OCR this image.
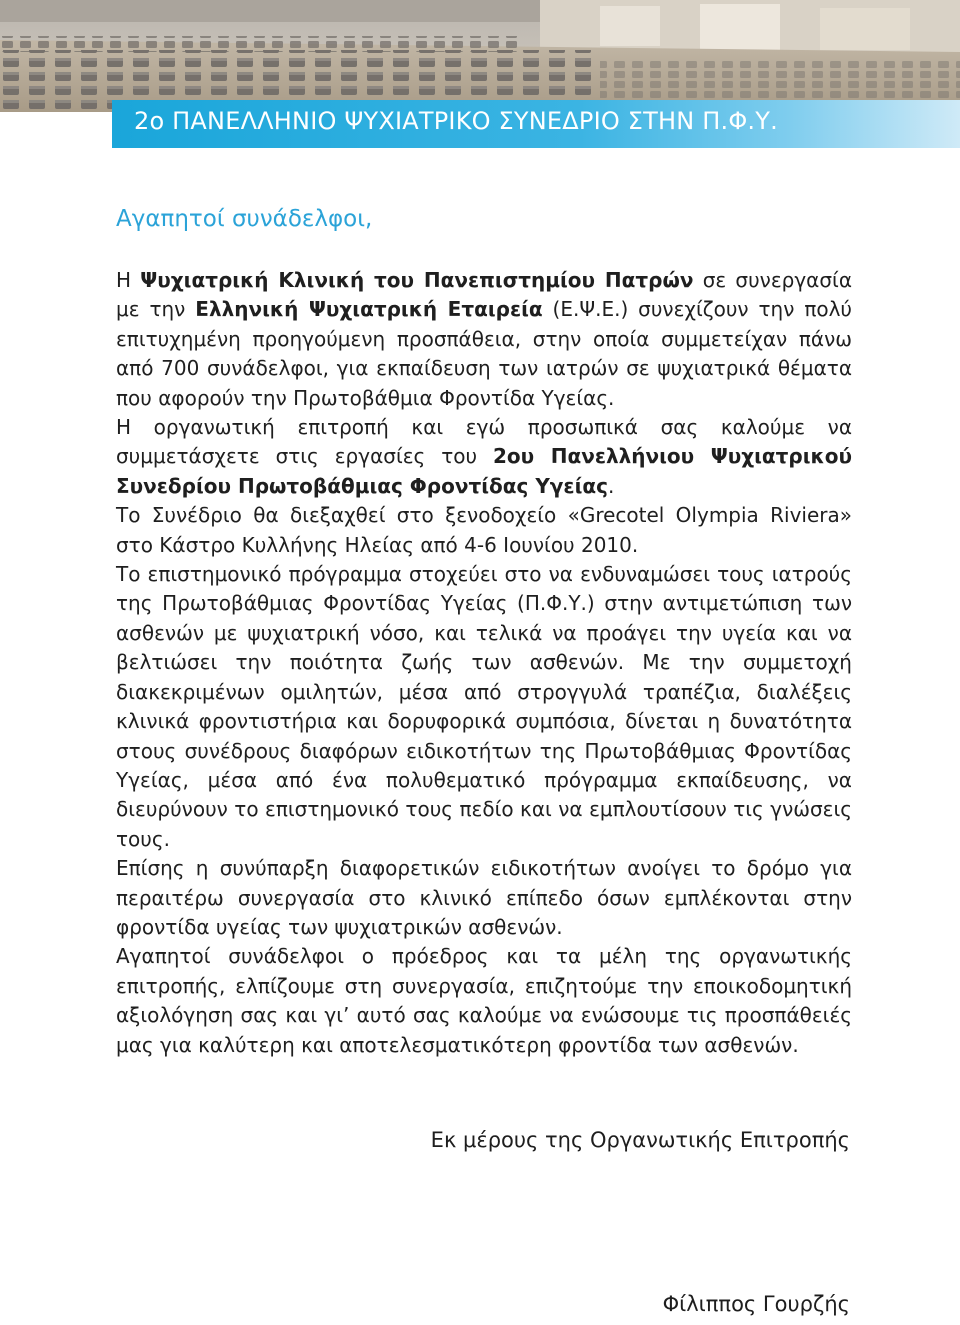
2ο ΠΑΝΕΛΛΗΝΙΟ ΨΥΧΙΑΤΡΙΚΟ ΣΥΝΕΔΡΙΟ ΣΤΗΝ Π.Φ.Υ.
Αγαπητοί συνάδελφοι,

Η Ψυχιατρική Κλινική του Πανεπιστημίου Πατρών σε συνεργασία με την Ελληνική Ψυχιατρική Εταιρεία (Ε.Ψ.Ε.) συνεχίζουν την πολύ επιτυχημένη προηγούμενη προσπάθεια, στην οποία συμμετείχαν πάνω από 700 συνάδελφοι, για εκπαίδευση των ιατρών σε ψυχιατρικά θέματα που αφορούν την Πρωτοβάθμια Φροντίδα Υγείας.

Η οργανωτική επιτροπή και εγώ προσωπικά σας καλούμε να συμμετάσχετε στις εργασίες του 2ου Πανελλήνιου Ψυχιατρικού Συνεδρίου Πρωτοβάθμιας Φροντίδας Υγείας.

Το Συνέδριο θα διεξαχθεί στο ξενοδοχείο «Grecotel Olympia Riviera» στο Κάστρο Κυλλήνης Ηλείας από 4-6 Ιουνίου 2010.

Το επιστημονικό πρόγραμμα στοχεύει στο να ενδυναμώσει τους ιατρούς της Πρωτοβάθμιας Φροντίδας Υγείας (Π.Φ.Υ.) στην αντιμετώπιση των ασθενών με ψυχιατρική νόσο, και τελικά να προάγει την υγεία και να βελτιώσει την ποιότητα ζωής των ασθενών. Με την συμμετοχή διακεκριμένων ομιλητών, μέσα από στρογγυλά τραπέζια, διαλέξεις κλινικά φροντιστήρια και δορυφορικά συμπόσια, δίνεται η δυνατότητα στους συνέδρους διαφόρων ειδικοτήτων της Πρωτοβάθμιας Φροντίδας Υγείας, μέσα από ένα πολυθεματικό πρόγραμμα εκπαίδευσης, να διευρύνουν το επιστημονικό τους πεδίο και να εμπλουτίσουν τις γνώσεις τους.

Επίσης η συνύπαρξη διαφορετικών ειδικοτήτων ανοίγει το δρόμο για περαιτέρω συνεργασία στο κλινικό επίπεδο όσων εμπλέκονται στην φροντίδα υγείας των ψυχιατρικών ασθενών.

Αγαπητοί συνάδελφοι ο πρόεδρος και τα μέλη της οργανωτικής επιτροπής, ελπίζουμε στη συνεργασία, επιζητούμε την εποικοδομητική αξιολόγηση σας και γι’ αυτό σας καλούμε να ενώσουμε τις προσπάθειές μας για καλύτερη και αποτελεσματικότερη φροντίδα των ασθενών.

Εκ μέρους της Οργανωτικής Επιτροπής
Φίλιππος Γουρζής
